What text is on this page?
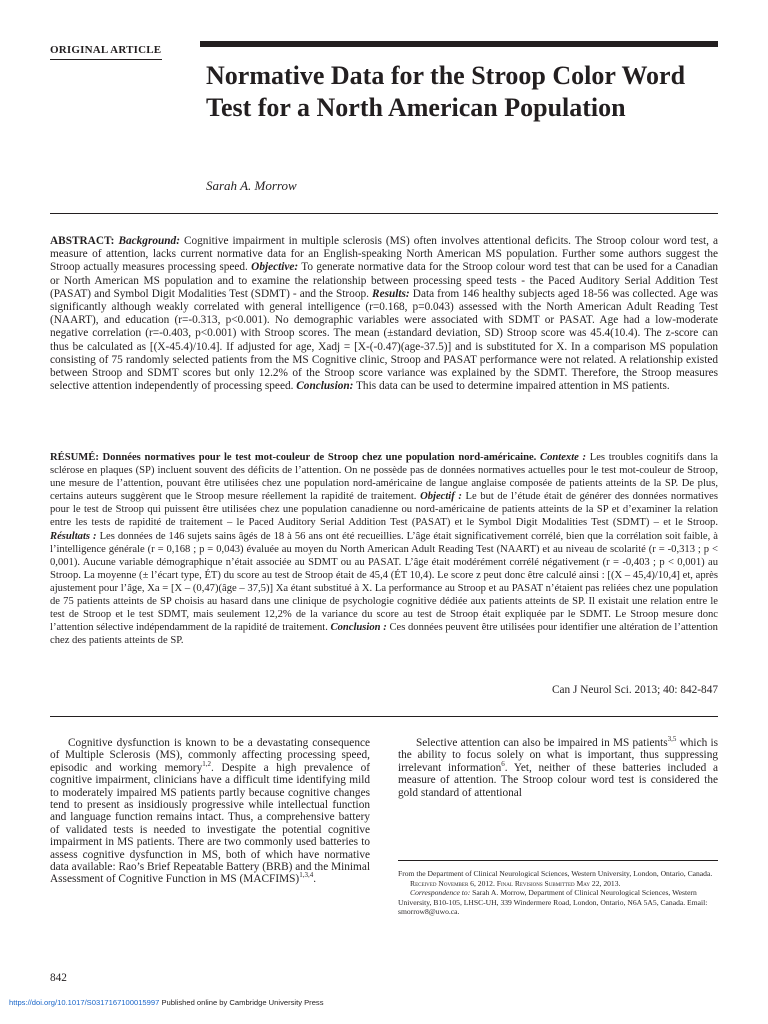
ORIGINAL ARTICLE
Normative Data for the Stroop Color Word Test for a North American Population
Sarah A. Morrow
ABSTRACT: Background: Cognitive impairment in multiple sclerosis (MS) often involves attentional deficits. The Stroop colour word test, a measure of attention, lacks current normative data for an English-speaking North American MS population. Further some authors suggest the Stroop actually measures processing speed. Objective: To generate normative data for the Stroop colour word test that can be used for a Canadian or North American MS population and to examine the relationship between processing speed tests - the Paced Auditory Serial Addition Test (PASAT) and Symbol Digit Modalities Test (SDMT) - and the Stroop. Results: Data from 146 healthy subjects aged 18-56 was collected. Age was significantly although weakly correlated with general intelligence (r=0.168, p=0.043) assessed with the North American Adult Reading Test (NAART), and education (r=-0.313, p<0.001). No demographic variables were associated with SDMT or PASAT. Age had a low-moderate negative correlation (r=-0.403, p<0.001) with Stroop scores. The mean (±standard deviation, SD) Stroop score was 45.4(10.4). The z-score can thus be calculated as [(X-45.4)/10.4]. If adjusted for age, Xadj = [X-(-0.47)(age-37.5)] and is substituted for X. In a comparison MS population consisting of 75 randomly selected patients from the MS Cognitive clinic, Stroop and PASAT performance were not related. A relationship existed between Stroop and SDMT scores but only 12.2% of the Stroop score variance was explained by the SDMT. Therefore, the Stroop measures selective attention independently of processing speed. Conclusion: This data can be used to determine impaired attention in MS patients.
RÉSUMÉ: Données normatives pour le test mot-couleur de Stroop chez une population nord-américaine. Contexte : Les troubles cognitifs dans la sclérose en plaques (SP) incluent souvent des déficits de l’attention. On ne possède pas de données normatives actuelles pour le test mot-couleur de Stroop, une mesure de l’attention, pouvant être utilisées chez une population nord-américaine de langue anglaise composée de patients atteints de la SP. De plus, certains auteurs suggèrent que le Stroop mesure réellement la rapidité de traitement. Objectif : Le but de l’étude était de générer des données normatives pour le test de Stroop qui puissent être utilisées chez une population canadienne ou nord-américaine de patients atteints de la SP et d’examiner la relation entre les tests de rapidité de traitement – le Paced Auditory Serial Addition Test (PASAT) et le Symbol Digit Modalities Test (SDMT) – et le Stroop. Résultats : Les données de 146 sujets sains âgés de 18 à 56 ans ont été recueillies. L’âge était significativement corrélé, bien que la corrélation soit faible, à l’intelligence générale (r = 0,168 ; p = 0,043) évaluée au moyen du North American Adult Reading Test (NAART) et au niveau de scolarité (r = -0,313 ; p < 0,001). Aucune variable démographique n’était associée au SDMT ou au PASAT. L’âge était modérément corrélé négativement (r = -0,403 ; p < 0,001) au Stroop. La moyenne (± l’écart type, ÉT) du score au test de Stroop était de 45,4 (ÉT 10,4). Le score z peut donc être calculé ainsi : [(X – 45,4)/10,4] et, après ajustement pour l’âge, Xa = [X – (0,47)(âge – 37,5)] Xa étant substitué à X. La performance au Stroop et au PASAT n’étaient pas reliées chez une population de 75 patients atteints de SP choisis au hasard dans une clinique de psychologie cognitive dédiée aux patients atteints de SP. Il existait une relation entre le test de Stroop et le test SDMT, mais seulement 12,2% de la variance du score au test de Stroop était expliquée par le SDMT. Le Stroop mesure donc l’attention sélective indépendamment de la rapidité de traitement. Conclusion : Ces données peuvent être utilisées pour identifier une altération de l’attention chez des patients atteints de SP.
Can J Neurol Sci. 2013; 40: 842-847
Cognitive dysfunction is known to be a devastating consequence of Multiple Sclerosis (MS), commonly affecting processing speed, episodic and working memory$^{1,2}$. Despite a high prevalence of cognitive impairment, clinicians have a difficult time identifying mild to moderately impaired MS patients partly because cognitive changes tend to present as insidiously progressive while intellectual function and language function remains intact. Thus, a comprehensive battery of validated tests is needed to investigate the potential cognitive impairment in MS patients. There are two commonly used batteries to assess cognitive dysfunction in MS, both of which have normative data available: Rao’s Brief Repeatable Battery (BRB) and the Minimal Assessment of Cognitive Function in MS (MACFIMS)$^{1,3,4}$.
Selective attention can also be impaired in MS patients$^{3,5}$ which is the ability to focus solely on what is important, thus suppressing irrelevant information$^6$. Yet, neither of these batteries included a measure of attention. The Stroop colour word test is considered the gold standard of attentional
From the Department of Clinical Neurological Sciences, Western University, London, Ontario, Canada.
Received November 6, 2012. Final Revisions Submitted May 22, 2013.
Correspondence to: Sarah A. Morrow, Department of Clinical Neurological Sciences, Western University, B10-105, LHSC-UH, 339 Windermere Road, London, Ontario, N6A 5A5, Canada. Email: smorrow8@uwo.ca.
842
https://doi.org/10.1017/S0317167100015997 Published online by Cambridge University Press
